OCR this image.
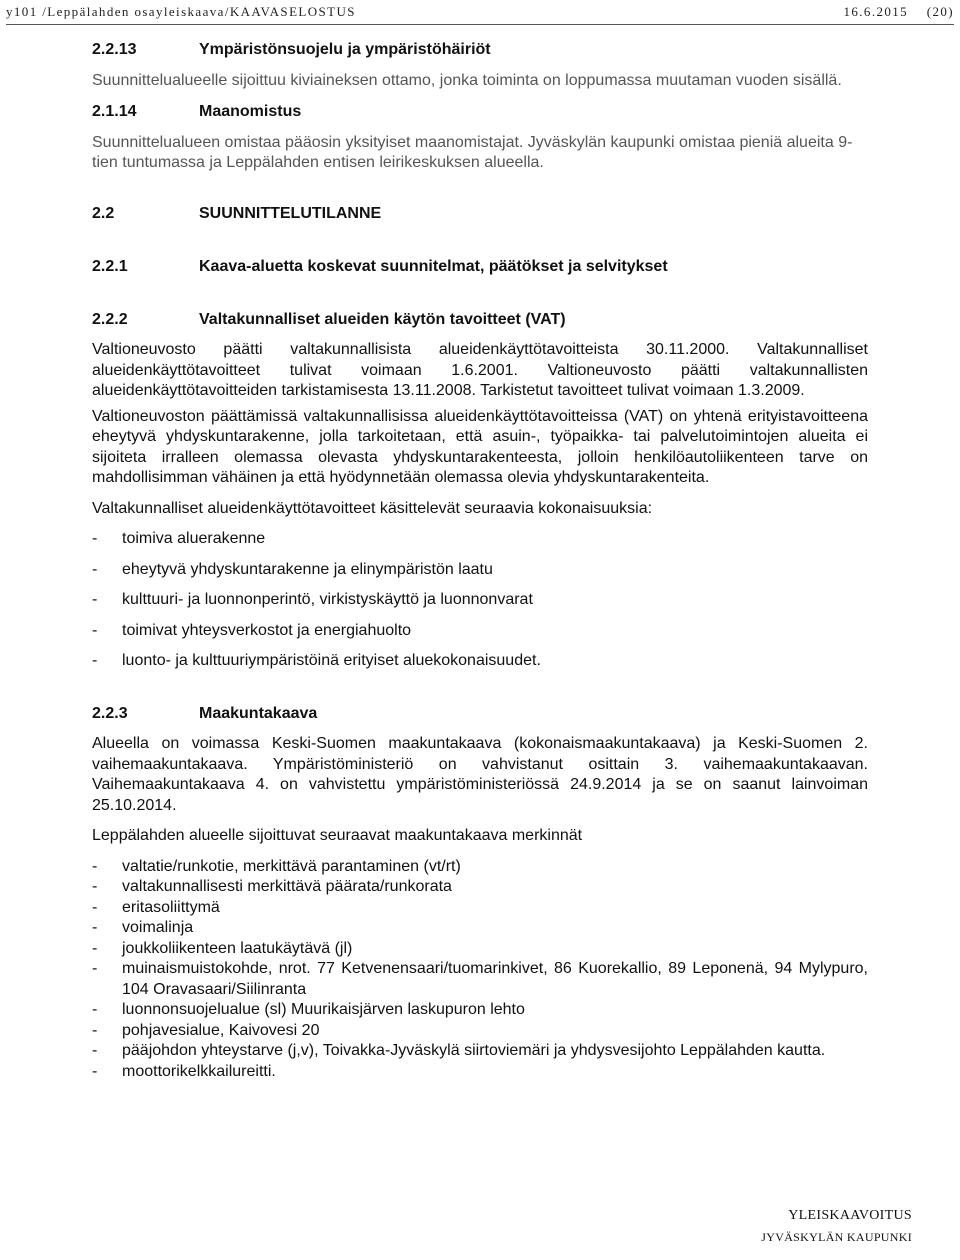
y101 /Leppälahden osayleiskaava/KAAVASELOSTUS	16.6.2015 (20)
2.2.13	Ympäristönsuojelu ja ympäristöhäiriöt

Suunnittelualueelle sijoittuu kiviaineksen ottamo, jonka toiminta on loppumassa muutaman vuoden sisällä.

2.1.14	Maanomistus

Suunnittelualueen omistaa pääosin yksityiset maanomistajat. Jyväskylän kaupunki omistaa pieniä alueita 9-tien tuntumassa ja Leppälahden entisen leirikeskuksen alueella.

2.2	SUUNNITTELUTILANNE
2.2.1	Kaava-aluetta koskevat suunnitelmat, päätökset ja selvitykset
2.2.2	Valtakunnalliset alueiden käytön tavoitteet (VAT)

Valtioneuvosto päätti valtakunnallisista alueidenkäyttötavoitteista 30.11.2000. Valtakunnalliset alueidenkäyttötavoitteet tulivat voimaan 1.6.2001. Valtioneuvosto päätti valtakunnallisten alueidenkäyttötavoitteiden tarkistamisesta 13.11.2008. Tarkistetut tavoitteet tulivat voimaan 1.3.2009.

Valtioneuvoston päättämissä valtakunnallisissa alueidenkäyttötavoitteissa (VAT) on yhtenä erityistavoitteena eheytyvä yhdyskuntarakenne, jolla tarkoitetaan, että asuin-, työpaikka- tai palvelutoimintojen alueita ei sijoiteta irralleen olemassa olevasta yhdyskuntarakenteesta, jolloin henkilöautoliikenteen tarve on mahdollisimman vähäinen ja että hyödynnetään olemassa olevia yhdyskuntarakenteita.

Valtakunnalliset alueidenkäyttötavoitteet käsittelevät seuraavia kokonaisuuksia:

-	toimiva aluerakenne
-	eheytyvä yhdyskuntarakenne ja elinympäristön laatu
-	kulttuuri- ja luonnonperintö, virkistyskäyttö ja luonnonvarat
-	toimivat yhteysverkostot ja energiahuolto
-	luonto- ja kulttuuriympäristöinä erityiset aluekokonaisuudet.
2.2.3	Maakuntakaava

Alueella on voimassa Keski-Suomen maakuntakaava (kokonaismaakuntakaava) ja Keski-Suomen 2. vaihemaakuntakaava. Ympäristöministeriö on vahvistanut osittain 3. vaihemaakuntakaavan. Vaihemaakuntakaava 4. on vahvistettu ympäristöministeriössä 24.9.2014 ja se on saanut lainvoiman 25.10.2014.

Leppälahden alueelle sijoittuvat seuraavat maakuntakaava merkinnät

-	valtatie/runkotie, merkittävä parantaminen (vt/rt)
-	valtakunnallisesti merkittävä päärata/runkorata
-	eritasoliittymä
-	voimalinja
-	joukkoliikenteen laatukäytävä (jl)
-	muinaismuistokohde, nrot. 77 Ketvenensaari/tuomarinkivet, 86 Kuorekallio, 89 Leponenä, 94 Mylypuro, 104 Oravasaari/Siilinranta
-	luonnonsuojelualue (sl) Muurikaisjärven laskupuron lehto
-	pohjavesialue, Kaivovesi 20
-	pääjohdon yhteystarve (j,v), Toivakka-Jyväskylä siirtoviemäri ja yhdysvesijohto Leppälahden kautta.
-	moottorikelkkailureitti.
YLEISKAAVOITUS
JYVÄSKYLÄN KAUPUNKI
